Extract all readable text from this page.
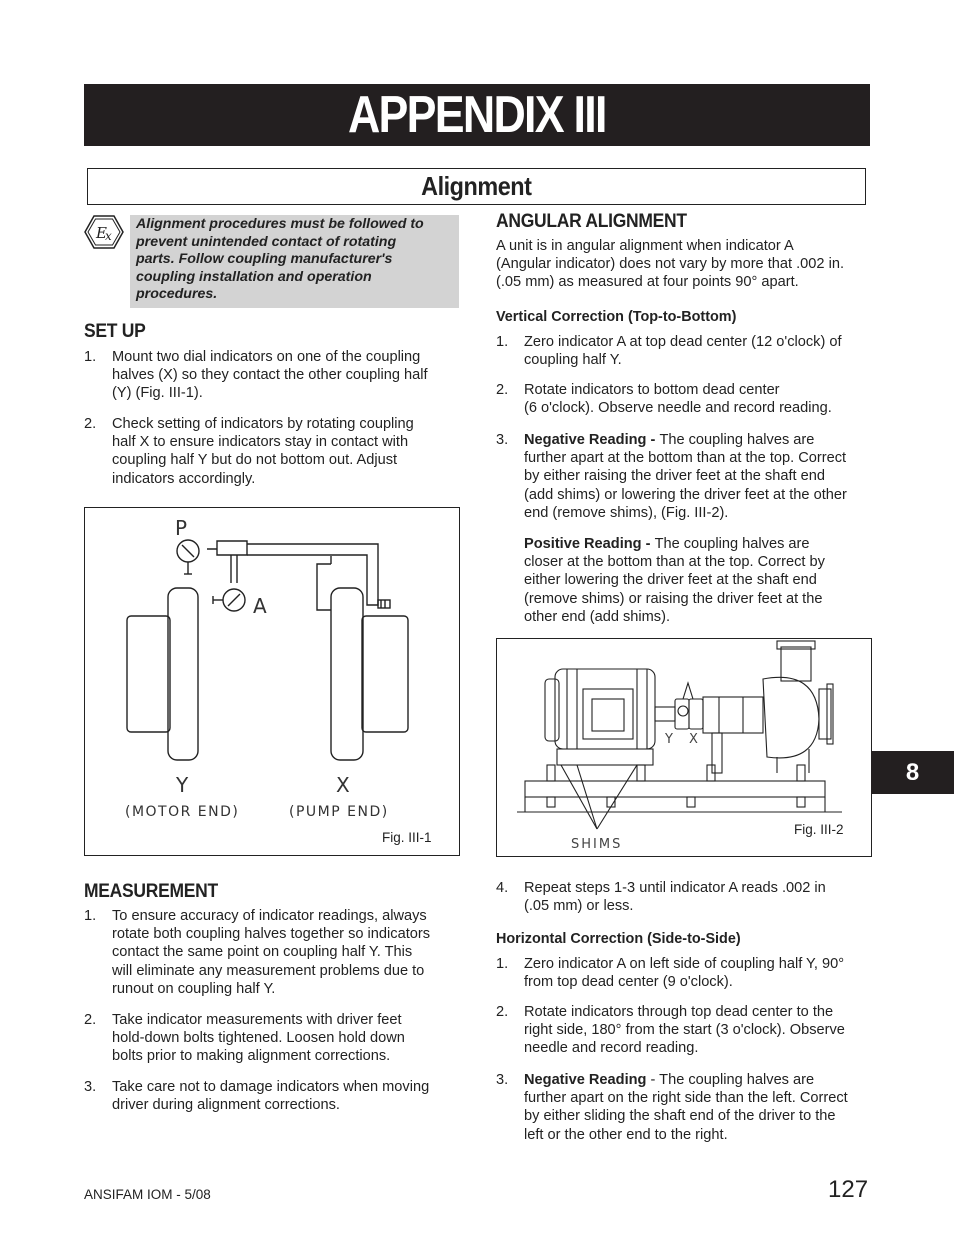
APPENDIX III
Alignment
E
x
Alignment procedures must be followed to
prevent unintended contact of rotating
parts. Follow coupling manufacturer's
coupling installation and operation
procedures.
SET UP
1. Mount two dial indicators on one of the coupling
halves (X) so they contact the other coupling half
(Y) (Fig. III-1).
2. Check setting of indicators by rotating coupling
half X to ensure indicators stay in contact with
coupling half Y but do not bottom out. Adjust
indicators accordingly.
P
A
Y	X
(MOTOR END)	(PUMP END)
Fig. III-1
MEASUREMENT
1. To ensure accuracy of indicator readings, always
rotate both coupling halves together so indicators
contact the same point on coupling half Y. This
will eliminate any measurement problems due to
runout on coupling half Y.
2. Take indicator measurements with driver feet
hold-down bolts tightened. Loosen hold down
bolts prior to making alignment corrections.
3. Take care not to damage indicators when moving
driver during alignment corrections.
ANGULAR ALIGNMENT
A unit is in angular alignment when indicator A
(Angular indicator) does not vary by more that .002 in.
(.05 mm) as measured at four points 90° apart.
Vertical Correction (Top-to-Bottom)
1. Zero indicator A at top dead center (12 o'clock) of
coupling half Y.
2. Rotate indicators to bottom dead center
(6 o'clock). Observe needle and record reading.
3. Negative Reading - The coupling halves are
further apart at the bottom than at the top. Correct
by either raising the driver feet at the shaft end
(add shims) or lowering the driver feet at the other
end (remove shims), (Fig. III-2).
Positive Reading - The coupling halves are
closer at the bottom than at the top. Correct by
either lowering the driver feet at the shaft end
(remove shims) or raising the driver feet at the
other end (add shims).
Y X
SHIMS
Fig. III-2
4. Repeat steps 1-3 until indicator A reads .002 in
(.05 mm) or less.
Horizontal Correction (Side-to-Side)
1. Zero indicator A on left side of coupling half Y, 90°
from top dead center (9 o'clock).
2. Rotate indicators through top dead center to the
right side, 180° from the start (3 o'clock). Observe
needle and record reading.
3. Negative Reading - The coupling halves are
further apart on the right side than the left. Correct
by either sliding the shaft end of the driver to the
left or the other end to the right.
8
ANSIFAM IOM - 5/08	127
